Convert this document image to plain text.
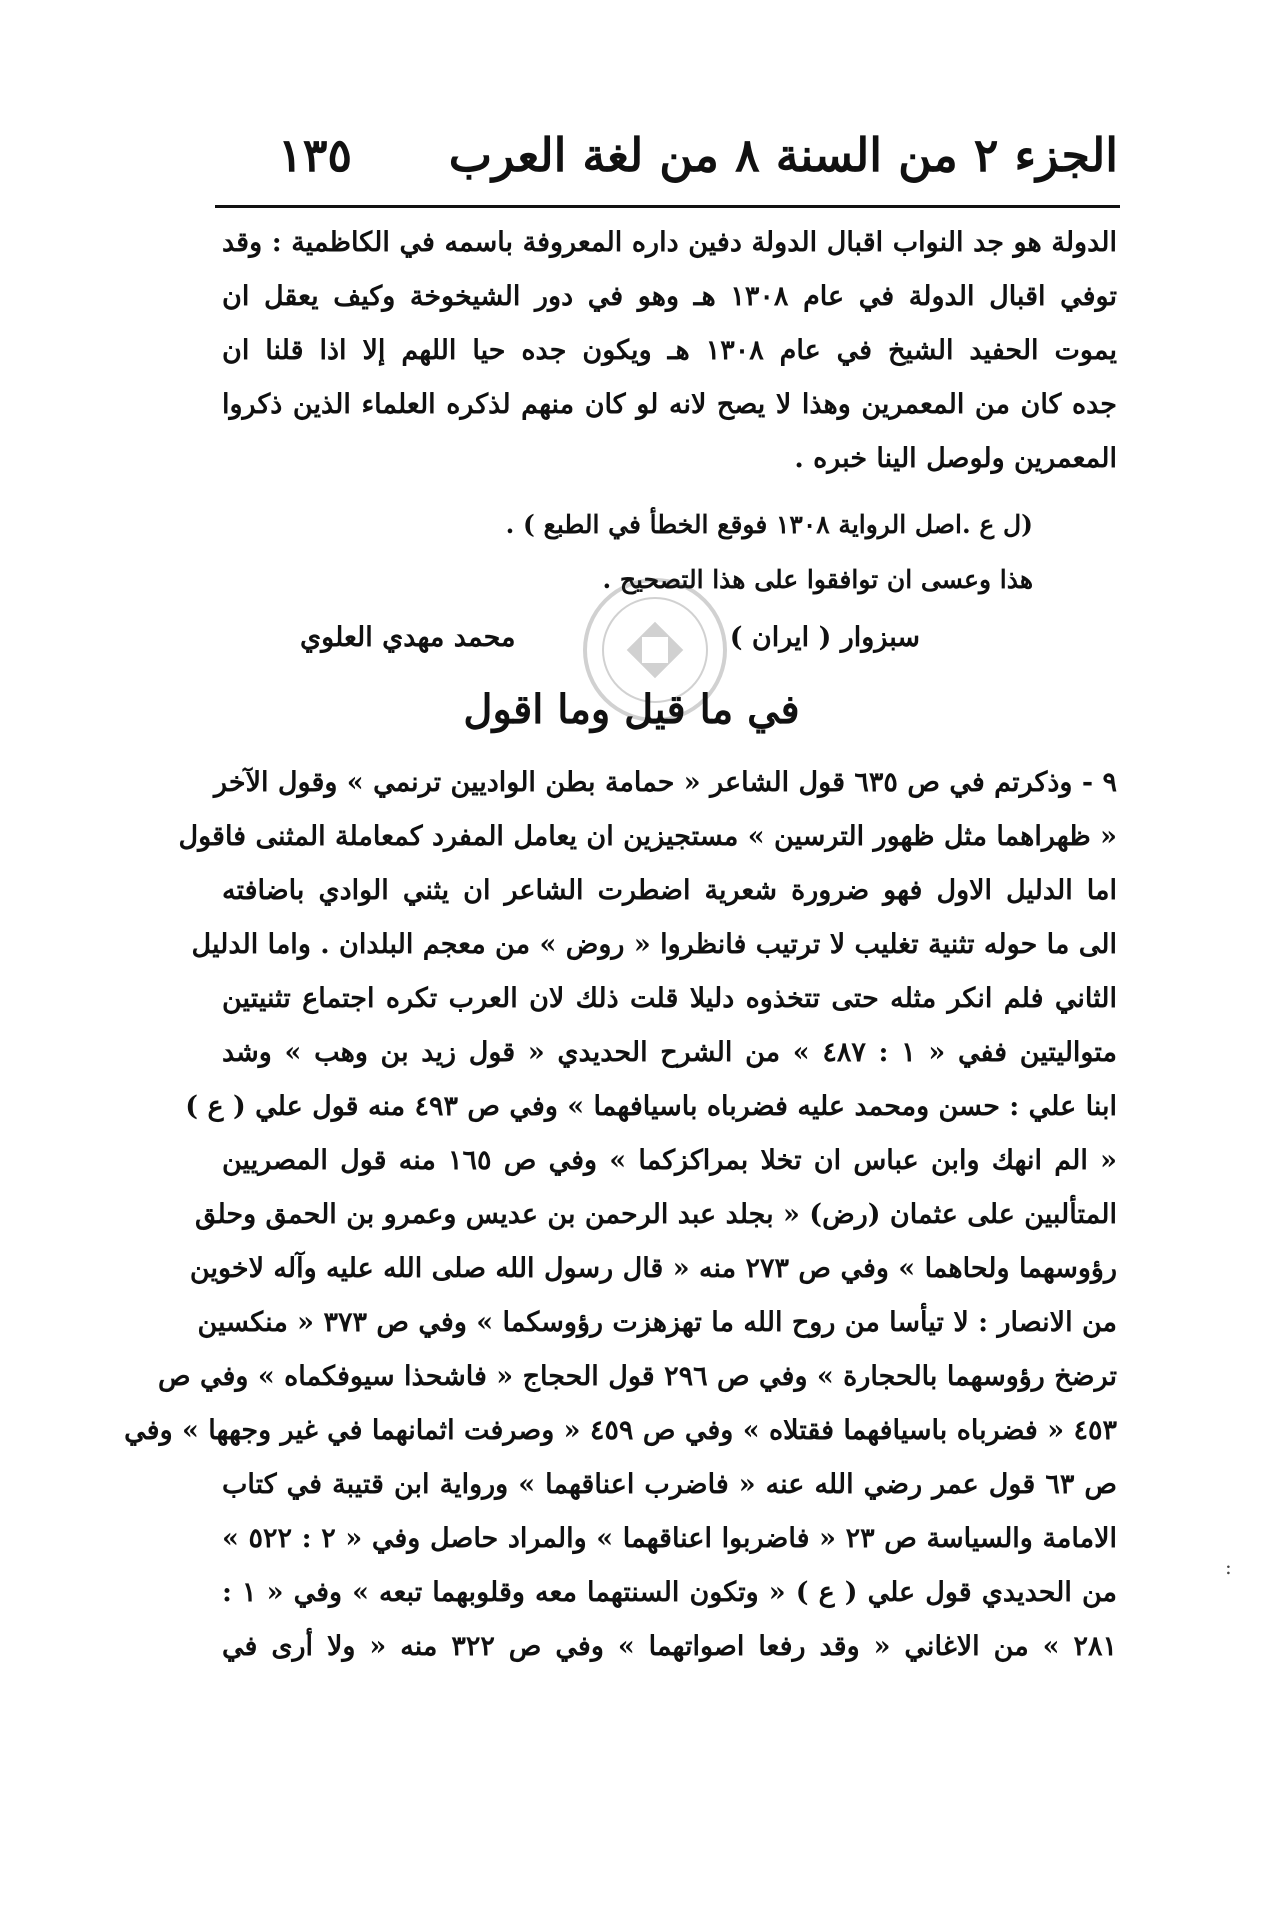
الجزء ٢ من السنة ٨ من لغة العرب
١٣٥
الدولة هو جد النواب اقبال الدولة دفين داره المعروفة باسمه في الكاظمية : وقد
توفي اقبال الدولة في عام ١٣٠٨ هـ وهو في دور الشيخوخة وكيف يعقل ان
يموت الحفيد الشيخ في عام ١٣٠٨ هـ ويكون جده حيا اللهم إلا اذا قلنا ان
جده كان من المعمرين وهذا لا يصح لانه لو كان منهم لذكره العلماء الذين ذكروا
المعمرين ولوصل الينا خبره .
(ل ع .اصل الرواية ١٣٠٨ فوقع الخطأ في الطبع ) .
هذا وعسى ان توافقوا على هذا التصحيح .
سبزوار ( ايران )
محمد مهدي العلوي
في ما قيل وما اقول
٩ - وذكرتم في ص ٦٣٥ قول الشاعر « حمامة بطن الواديين ترنمي » وقول الآخر
« ظهراهما مثل ظهور الترسين » مستجيزين ان يعامل المفرد كمعاملة المثنى فاقول
اما الدليل الاول فهو ضرورة شعرية اضطرت الشاعر ان يثني الوادي باضافته
الى ما حوله تثنية تغليب لا ترتيب فانظروا « روض » من معجم البلدان . واما الدليل
الثاني فلم انكر مثله حتى تتخذوه دليلا قلت ذلك لان العرب تكره اجتماع تثنيتين
متواليتين ففي « ١ : ٤٨٧ » من الشرح الحديدي « قول زيد بن وهب » وشد
ابنا علي : حسن ومحمد عليه فضرباه باسيافهما » وفي ص ٤٩٣ منه قول علي ( ع )
« الم انهك وابن عباس ان تخلا بمراكزكما » وفي ص ١٦٥ منه قول المصريين
المتألبين على عثمان (رض) « بجلد عبد الرحمن بن عديس وعمرو بن الحمق وحلق
رؤوسهما ولحاهما » وفي ص ٢٧٣ منه « قال رسول الله صلى الله عليه وآله لاخوين
من الانصار : لا تيأسا من روح الله ما تهزهزت رؤوسكما » وفي ص ٣٧٣ « منكسين
ترضخ رؤوسهما بالحجارة » وفي ص ٢٩٦ قول الحجاج « فاشحذا سيوفكماه » وفي ص
٤٥٣ « فضرباه باسيافهما فقتلاه » وفي ص ٤٥٩ « وصرفت اثمانهما في غير وجهها » وفي
ص ٦٣ قول عمر رضي الله عنه « فاضرب اعناقهما » ورواية ابن قتيبة في كتاب
الامامة والسياسة ص ٢٣ « فاضربوا اعناقهما » والمراد حاصل وفي « ٢ : ٥٢٢ »
من الحديدي قول علي ( ع ) « وتكون السنتهما معه وقلوبهما تبعه » وفي « ١ :
٢٨١ » من الاغاني « وقد رفعا اصواتهما » وفي ص ٣٢٢ منه « ولا أرى في
:
